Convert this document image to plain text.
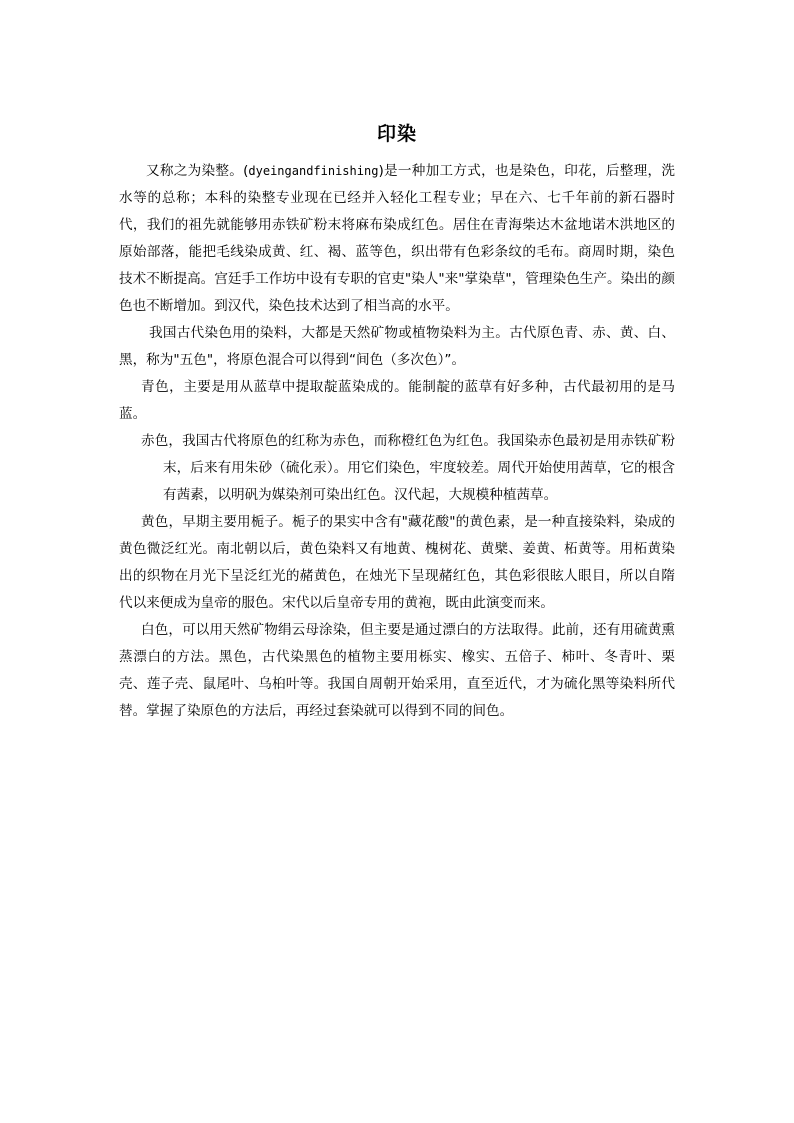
印染

又称之为染整。(dyeingandfinishing)是一种加工方式，也是染色，印花，后整理，洗水等的总称；本科的染整专业现在已经并入轻化工程专业；早在六、七千年前的新石器时代，我们的祖先就能够用赤铁矿粉末将麻布染成红色。居住在青海柴达木盆地诺木洪地区的原始部落，能把毛线染成黄、红、褐、蓝等色，织出带有色彩条纹的毛布。商周时期，染色技术不断提高。宫廷手工作坊中设有专职的官吏"染人"来"掌染草"，管理染色生产。染出的颜色也不断增加。到汉代，染色技术达到了相当高的水平。

我国古代染色用的染料，大都是天然矿物或植物染料为主。古代原色青、赤、黄、白、黑，称为"五色"，将原色混合可以得到“间色（多次色）”。

青色，主要是用从蓝草中提取靛蓝染成的。能制靛的蓝草有好多种，古代最初用的是马蓝。

赤色，我国古代将原色的红称为赤色，而称橙红色为红色。我国染赤色最初是用赤铁矿粉末，后来有用朱砂（硫化汞）。用它们染色，牢度较差。周代开始使用茜草，它的根含有茜素，以明矾为媒染剂可染出红色。汉代起，大规模种植茜草。

黄色，早期主要用栀子。栀子的果实中含有"藏花酸"的黄色素，是一种直接染料，染成的黄色微泛红光。南北朝以后，黄色染料又有地黄、槐树花、黄檗、姜黄、柘黄等。用柘黄染出的织物在月光下呈泛红光的赭黄色，在烛光下呈现赭红色，其色彩很眩人眼目，所以自隋代以来便成为皇帝的服色。宋代以后皇帝专用的黄袍，既由此演变而来。

白色，可以用天然矿物绢云母涂染，但主要是通过漂白的方法取得。此前，还有用硫黄熏蒸漂白的方法。黑色，古代染黑色的植物主要用栎实、橡实、五倍子、柿叶、冬青叶、栗壳、莲子壳、鼠尾叶、乌桕叶等。我国自周朝开始采用，直至近代，才为硫化黑等染料所代替。掌握了染原色的方法后，再经过套染就可以得到不同的间色。
